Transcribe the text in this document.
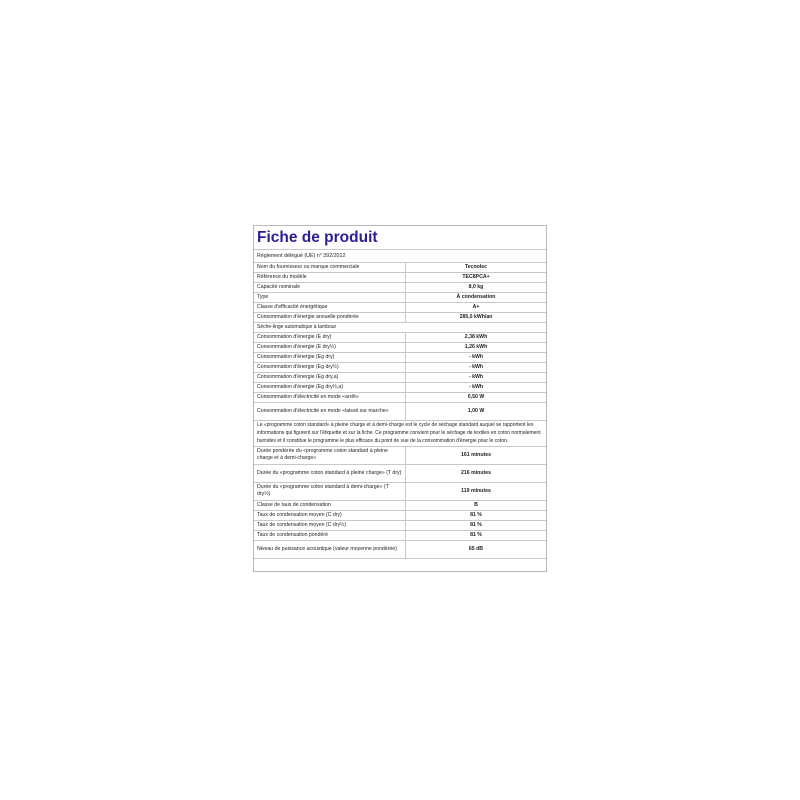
Fiche de produit
Règlement délégué (UE) n° 392/2012
Nom du fournisseur ou marque commerciale	Tecnolec
Référence du modèle	TEC8PCA+
Capacité nominale	8,0 kg
Type	À condensation
Classe d'efficacité énergétique	A+
Consommation d'énergie annuelle pondérée	285,0 kWh/an
Sèche-linge automatique à tambour	
Consommation d'énergie (E dry)	2,38 kWh
Consommation d'énergie (E dry½)	1,26 kWh
Consommation d'énergie (Eg dry)	- kWh
Consommation d'énergie (Eg dry½)	- kWh
Consommation d'énergie (Eg dry,a)	- kWh
Consommation d'énergie (Eg dry½,a)	- kWh
Consommation d'électricité en mode «arrêt»	0,50 W
Consommation d'électricité en mode «laissé sur marche»	1,00 W
Le «programme coton standard» à pleine charge et à demi-charge est le cycle de séchage standard auquel se rapportent les informations qui figurent sur l'étiquette et sur la fiche. Ce programme convient pour le séchage de textiles en coton normalement humides et il constitue le programme le plus efficace du point de vue de la consommation d'énergie pour le coton.	
Durée pondérée du «programme coton standard à pleine charge et à demi-charge»	161 minutes
Durée du «programme coton standard à pleine charge» (T dry)	216 minutes
Durée du «programme coton standard à demi-charge» (T dry½)	119 minutes
Classe de taux de condensation	B
Taux de condensation moyen (C dry)	81 %
Taux de condensation moyen (C dry½)	81 %
Taux de condensation pondéré	81 %
Niveau de puissance acoustique (valeur moyenne pondérée)	65 dB
